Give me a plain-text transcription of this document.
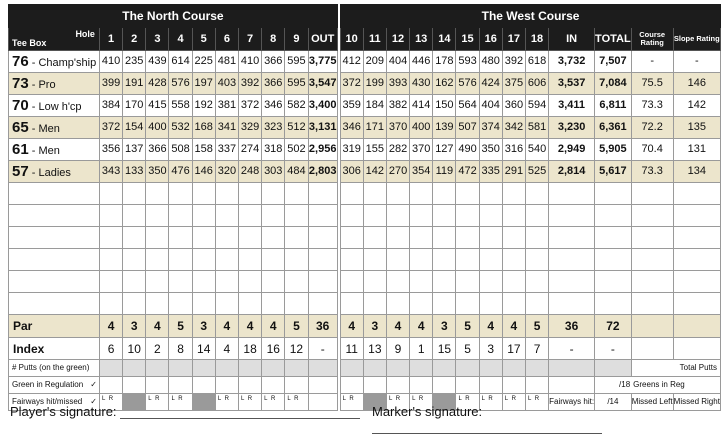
The North Course												The West Course												

Hole
Tee Box	1	2	3	4	5	6	7	8	9	OUT		10	11	12	13	14	15	16	17	18	IN	TOTAL	Course Rating	Slope Rating
76 - Champ'ship	410	235	439	614	225	481	410	366	595	3,775		412	209	404	446	178	593	480	392	618	3,732	7,507	-	-
73 - Pro	399	191	428	576	197	403	392	366	595	3,547		372	199	393	430	162	576	424	375	606	3,537	7,084	75.5	146
70 - Low h'cp	384	170	415	558	192	381	372	346	582	3,400		359	184	382	414	150	564	404	360	594	3,411	6,811	73.3	142
65 - Men	372	154	400	532	168	341	329	323	512	3,131		346	171	370	400	139	507	374	342	581	3,230	6,361	72.2	135
61 - Men	356	137	366	508	158	337	274	318	502	2,956		319	155	282	370	127	490	350	316	540	2,949	5,905	70.4	131
57 - Ladies	343	133	350	476	146	320	248	303	484	2,803		306	142	270	354	119	472	335	291	525	2,814	5,617	73.3	134

Par	4	3	4	5	3	4	4	4	5	36		4	3	4	4	3	5	4	4	5	36	72		
Index	6	10	2	8	14	4	18	16	12	-		11	13	9	1	15	5	3	17	7	-	-		
# Putts (on the green)																							Total Putts	
Green in Regulation ✓																						/18 Greens in Reg		
Fairways hit/missed ✓	$^{L R}$		$^{L R}$	$^{L R}$		$^{L R}$	$^{L R}$	$^{L R}$	$^{L R}$			$^{L R}$		$^{L R}$	$^{L R}$		$^{L R}$	$^{L R}$	$^{L R}$	$^{L R}$	Fairways hit:	/14	Missed Left	Missed Right
Player's signature:	Marker's signature:
